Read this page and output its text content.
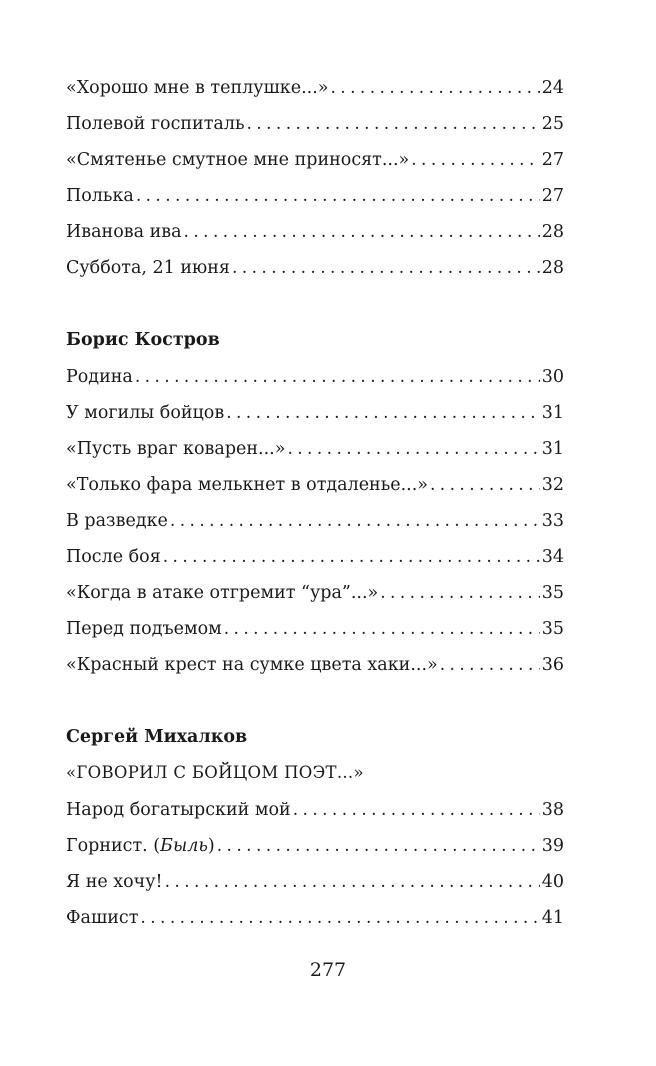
«Хорошо мне в теплушке...» . . .	24
Полевой госпиталь . . .	25
«Смятенье смутное мне приносят...» . . .	27
Полька . . .	27
Иванова ива . . .	28
Суббота, 21 июня . . .	28
Борис Костров
Родина . . .	30
У могилы бойцов . . .	31
«Пусть враг коварен...» . . .	31
«Только фара мелькнет в отдаленье...» . . .	32
В разведке . . .	33
После боя . . .	34
«Когда в атаке отгремит “ура”...» . . .	35
Перед подъемом . . .	35
«Красный крест на сумке цвета хаки...» . . .	36
Сергей Михалков
«ГОВОРИЛ С БОЙЦОМ ПОЭТ...»
Народ богатырский мой . . .	38
Горнист. (Быль) . . .	39
Я не хочу! . . .	40
Фашист . . .	41
277
